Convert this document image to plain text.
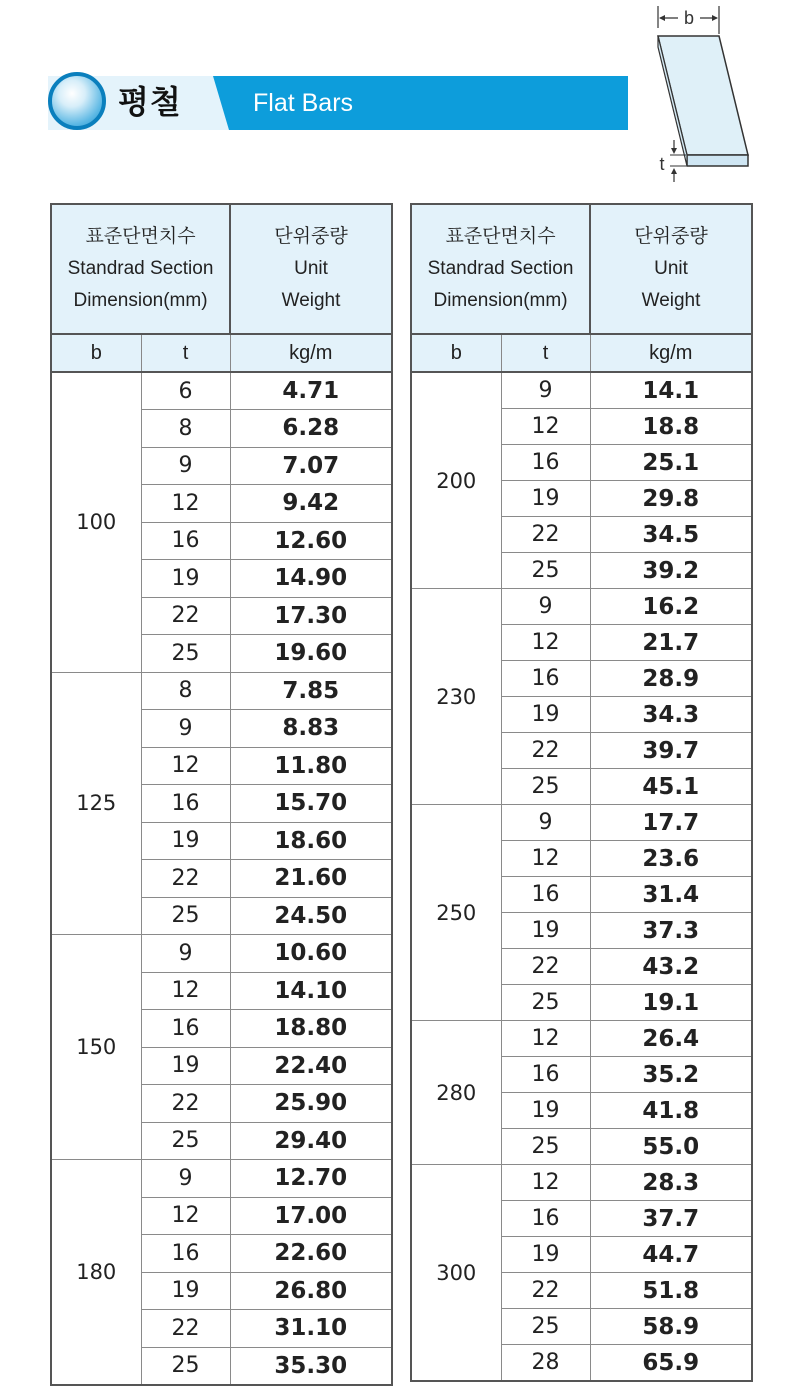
평철	Flat Bars
b
t
표준단면치수
Standrad Section
Dimension(mm)		단위중량
Unit
Weight

b	t	kg/m
100	6	4.71
	8	6.28
	9	7.07
	12	9.42
	16	12.60
	19	14.90
	22	17.30
	25	19.60
125	8	7.85
	9	8.83
	12	11.80
	16	15.70
	19	18.60
	22	21.60
	25	24.50
150	9	10.60
	12	14.10
	16	18.80
	19	22.40
	22	25.90
	25	29.40
180	9	12.70
	12	17.00
	16	22.60
	19	26.80
	22	31.10
	25	35.30
표준단면치수
Standrad Section
Dimension(mm)		단위중량
Unit
Weight

b	t	kg/m
200	9	14.1
	12	18.8
	16	25.1
	19	29.8
	22	34.5
	25	39.2
230	9	16.2
	12	21.7
	16	28.9
	19	34.3
	22	39.7
	25	45.1
250	9	17.7
	12	23.6
	16	31.4
	19	37.3
	22	43.2
	25	19.1
280	12	26.4
	16	35.2
	19	41.8
	25	55.0
300	12	28.3
	16	37.7
	19	44.7
	22	51.8
	25	58.9
	28	65.9
